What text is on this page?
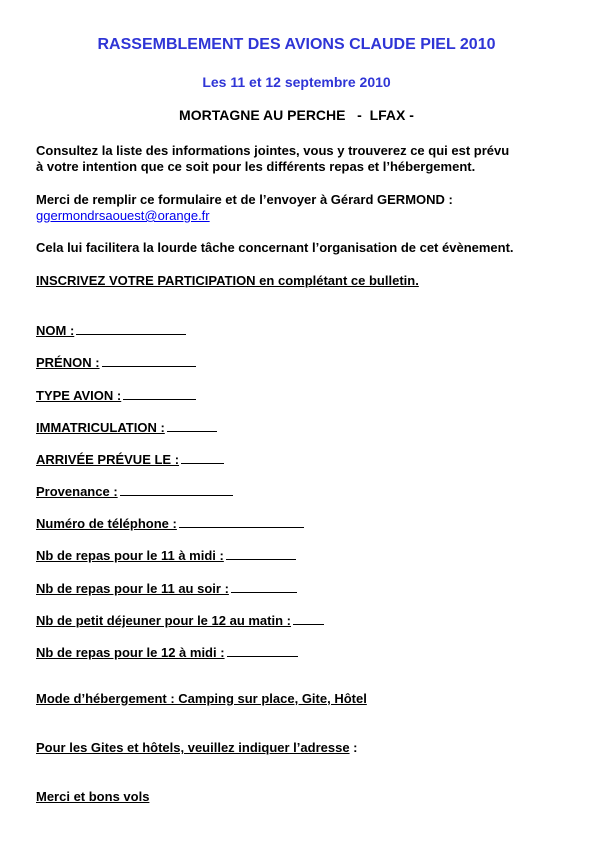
RASSEMBLEMENT DES AVIONS CLAUDE PIEL 2010
Les 11 et 12 septembre 2010
MORTAGNE AU PERCHE   -  LFAX -
Consultez la liste des informations jointes, vous y trouverez ce qui est prévu
à votre intention que ce soit pour les différents repas et l’hébergement.
Merci de remplir ce formulaire et de l’envoyer à Gérard GERMOND :
ggermondrsaouest@orange.fr
Cela lui facilitera la lourde tâche concernant l’organisation de cet évènement.
INSCRIVEZ VOTRE PARTICIPATION en complétant ce bulletin.
NOM :
PRÉNON :
TYPE AVION :
IMMATRICULATION :
ARRIVÉE PRÉVUE LE :
Provenance :
Numéro de téléphone :
Nb de repas pour le 11 à midi :
Nb de repas pour le 11 au soir :
Nb de petit déjeuner pour le 12 au matin :
Nb de repas pour le 12 à midi :
Mode d’hébergement : Camping sur place, Gite, Hôtel
Pour les Gites et hôtels, veuillez indiquer l’adresse :
Merci et bons vols
